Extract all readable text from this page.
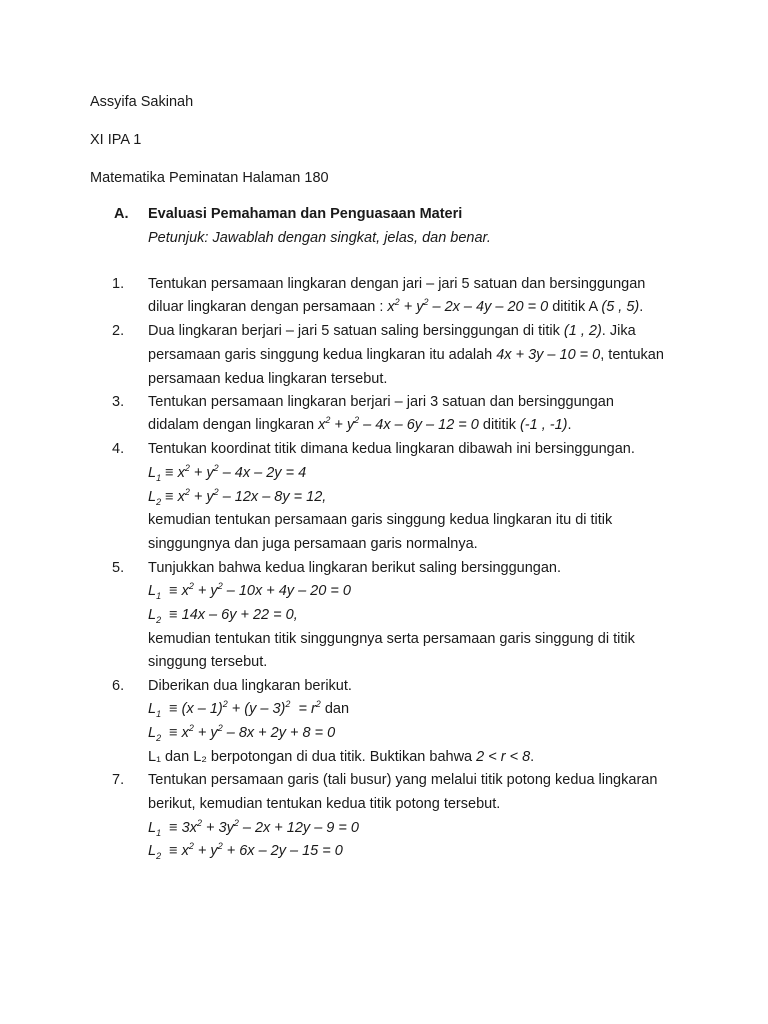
Assyifa Sakinah
XI IPA 1
Matematika Peminatan Halaman 180
A. Evaluasi Pemahaman dan Penguasaan Materi
Petunjuk: Jawablah dengan singkat, jelas, dan benar.
1. Tentukan persamaan lingkaran dengan jari – jari 5 satuan dan bersinggungan
diluar lingkaran dengan persamaan : $x^2 + y^2 - 2x - 4y - 20 = 0$ dititik A (5 , 5).
2. Dua lingkaran berjari – jari 5 satuan saling bersinggungan di titik (1 , 2). Jika
persamaan garis singgung kedua lingkaran itu adalah 4x + 3y – 10 = 0, tentukan
persamaan kedua lingkaran tersebut.
3. Tentukan persamaan lingkaran berjari – jari 3 satuan dan bersinggungan
didalam dengan lingkaran $x^2 + y^2 - 4x - 6y - 12 = 0$ dititik (-1 , -1).
4. Tentukan koordinat titik dimana kedua lingkaran dibawah ini bersinggungan.
$L_1 \equiv x^2 + y^2 - 4x - 2y = 4$
$L_2 \equiv x^2 + y^2 - 12x - 8y = 12$,
kemudian tentukan persamaan garis singgung kedua lingkaran itu di titik
singgungnya dan juga persamaan garis normalnya.
5. Tunjukkan bahwa kedua lingkaran berikut saling bersinggungan.
$L_1 \equiv x^2 + y^2 - 10x + 4y - 20 = 0$
$L_2 \equiv 14x - 6y + 22 = 0$,
kemudian tentukan titik singgungnya serta persamaan garis singgung di titik
singgung tersebut.
6. Diberikan dua lingkaran berikut.
$L_1 \equiv (x - 1)^2 + (y - 3)^2 = r^2$ dan
$L_2 \equiv x^2 + y^2 - 8x + 2y + 8 = 0$
L₁ dan L₂ berpotongan di dua titik. Buktikan bahwa 2 < r < 8.
7. Tentukan persamaan garis (tali busur) yang melalui titik potong kedua lingkaran
berikut, kemudian tentukan kedua titik potong tersebut.
$L_1 \equiv 3x^2 + 3y^2 - 2x + 12y - 9 = 0$
$L_2 \equiv x^2 + y^2 + 6x - 2y - 15 = 0$
